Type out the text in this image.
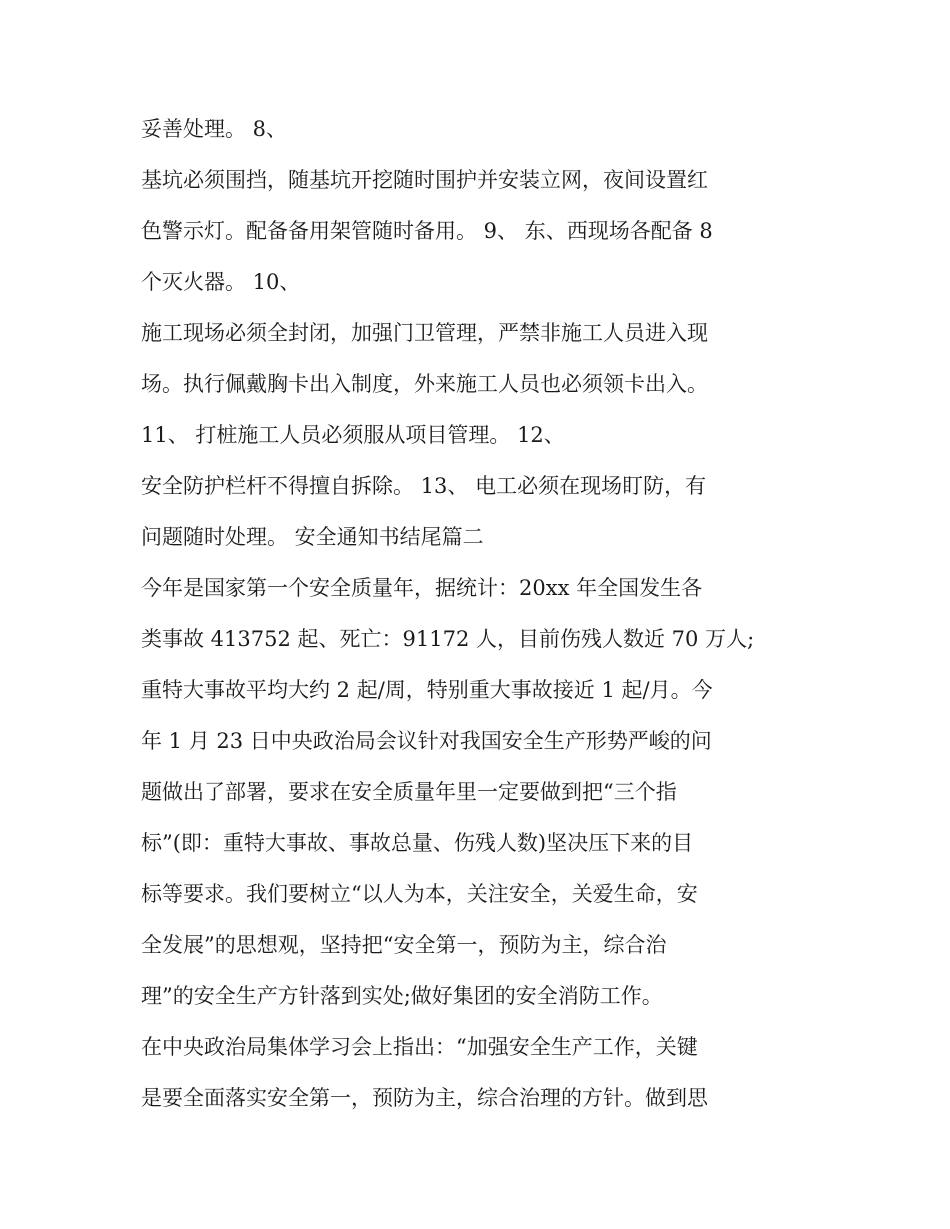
妥善处理。 8、
基坑必须围挡，随基坑开挖随时围护并安装立网，夜间设置红
色警示灯。配备备用架管随时备用。 9、 东、西现场各配备 8
个灭火器。 10、
施工现场必须全封闭，加强门卫管理，严禁非施工人员进入现
场。执行佩戴胸卡出入制度，外来施工人员也必须领卡出入。
11、 打桩施工人员必须服从项目管理。 12、
安全防护栏杆不得擅自拆除。 13、 电工必须在现场盯防，有
问题随时处理。 安全通知书结尾篇二
今年是国家第一个安全质量年，据统计：20xx 年全国发生各
类事故 413752 起、死亡：91172 人，目前伤残人数近 70 万人;
重特大事故平均大约 2 起/周，特别重大事故接近 1 起/月。今
年 1 月 23 日中央政治局会议针对我国安全生产形势严峻的问
题做出了部署，要求在安全质量年里一定要做到把“三个指
标”(即：重特大事故、事故总量、伤残人数)坚决压下来的目
标等要求。我们要树立“以人为本，关注安全，关爱生命，安
全发展”的思想观，坚持把“安全第一，预防为主，综合治
理”的安全生产方针落到实处;做好集团的安全消防工作。
在中央政治局集体学习会上指出：“加强安全生产工作，关键
是要全面落实安全第一，预防为主，综合治理的方针。做到思
